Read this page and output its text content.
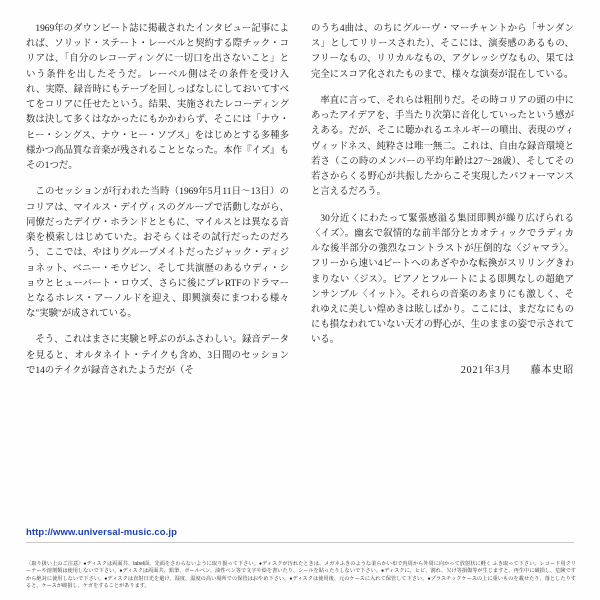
1969年のダウンビート誌に掲載されたインタビュー記事によれば、ソリッド・ステート・レーベルと契約する際チック・コリアは、「自分のレコーディングに一切口を出さないこと」という条件を出したそうだ。レーベル側はその条件を受け入れ、実際、録音時にもテープを回しっぱなしにしておいてすべてをコリアに任せたという。結果、実施されたレコーディング数は決して多くはなかったにもかかわらず、そこには「ナウ・ヒー・シングス、ナウ・ヒー・ソブス」をはじめとする多種多様かつ高品質な音楽が残されることとなった。本作『イズ』もその1つだ。

このセッションが行われた当時（1969年5月11日〜13日）のコリアは、マイルス・デイヴィスのグループで活動しながら、同僚だったデイヴ・ホランドとともに、マイルスとは異なる音楽を模索しはじめていた。おそらくはその試行だったのだろう、ここでは、やはりグループメイトだったジャック・ディジョネット、ベニー・モウピン、そして共演歴のあるウディ・ショウとヒューバート・ロウズ、さらに後にプレRTFのドラマーとなるホレス・アーノルドを迎え、即興演奏にまつわる様々な"実験"が成されている。

そう、これはまさに実験と呼ぶのがふさわしい。録音データを見ると、オルタネイト・テイクも含め、3日間のセッションで14のテイクが録音されたようだが（そ

のうち4曲は、のちにグルーヴ・マーチャントから「サンダンス」としてリリースされた）、そこには、演奏感のあるもの、フリーなもの、リリカルなもの、アグレッシヴなもの、果ては完全にスコア化されたものまで、様々な演奏が混在している。

率直に言って、それらは粗削りだ。その時コリアの頭の中にあったアイデアを、手当たり次第に音化していったという感がえある。だが、そこに聴かれるエネルギーの噴出、表現のヴィヴィッドネス、純粋さは唯一無二。これは、自由な録音環境と若さ（この時のメンバーの平均年齢は27〜28歳）、そしてその若さからくる野心が共振したからこそ実現したパフォーマンスと言えるだろう。

30分近くにわたって緊張感溢る集団即興が繰り広げられる〈イズ〉。幽玄で叙情的な前半部分とカオティックでラディカルな後半部分の強烈なコントラストが圧倒的な〈ジャマラ〉。フリーから速い4ビートへのあざやかな転換がスリリングきわまりない〈ジス〉。ピアノとフルートによる即興なしの超絶アンサンブル〈イット〉。それらの音楽のあまりにも激しく、それゆえに美しい煌めきは眩しばかり。ここには、まだなにものにも損なわれていない天才の野心が、生のままの姿で示されている。

2021年3月 藤本史昭
http://www.universal-music.co.jp

〈取り扱い上のご注意〉●ディスクは両面共、label面、先面をさわらないように取り扱って下さい。●ディスクが汚れたときは、メガネふきのような柔らかい布で内周から外周に向かって放射状に軽く ふき取って下さい。レコード用クリーナーや溶剤類は使用しないで下さい。●ディスクは両面共、鉛筆、ボールペン、油性ペン等で文字や絵を書いたり、シールを貼ったりしないで下さい。●ディスクに、ヒビ、割れ、欠け等損傷等が生じますと、再生中に破損し、危険ですから絶対に使用しないで下さい。●ディスクは直射日光を避け、湿度、温度の高い場所での保管はおやめ下さい。●ディスクは使用後、元のケースに入れて保管して下さい。●プラスチックケースの上に重いものを載せたり、落としたりすると、ケースが破損し、ケガをすることがあります。
